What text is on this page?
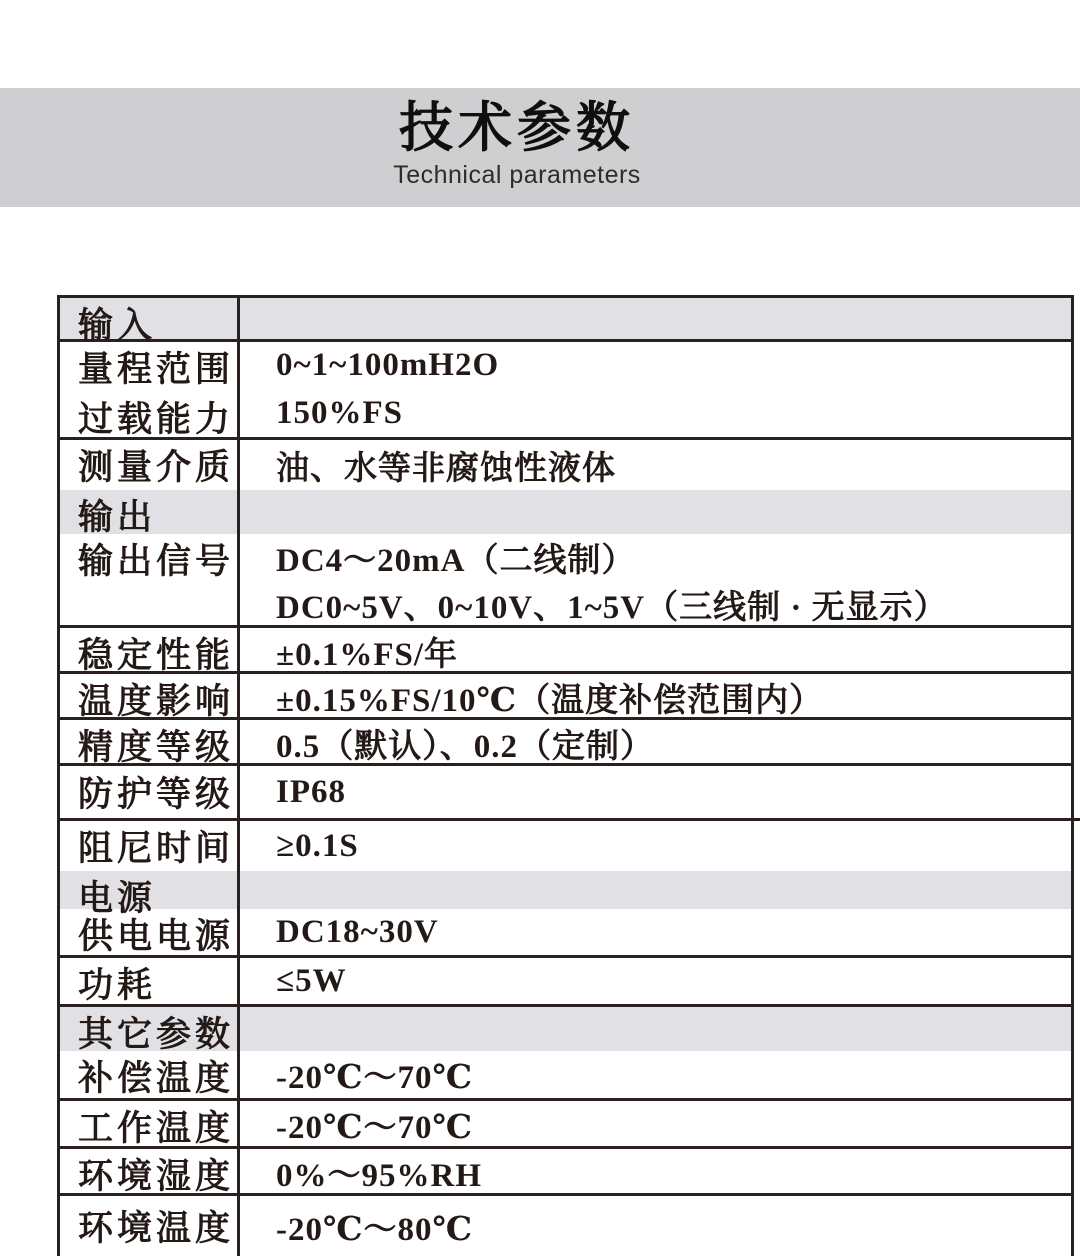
技术参数
Technical parameters
输入
量程范围
过载能力
0~1~100mH2O
150%FS
测量介质 油、水等非腐蚀性液体
输出
输出信号 DC4～20mA（二线制）
DC0~5V、0~10V、1~5V（三线制 · 无显示）
稳定性能 ±0.1%FS/年
温度影响 ±0.15%FS/10℃（温度补偿范围内）
精度等级 0.5（默认）、0.2（定制）
防护等级 IP68
阻尼时间 ≥0.1S
电源
供电电源 DC18~30V
功耗	≤5W
其它参数
补偿温度 -20℃～70℃
工作温度 -20℃～70℃
环境湿度 0%～95%RH
环境温度 -20℃～80℃
